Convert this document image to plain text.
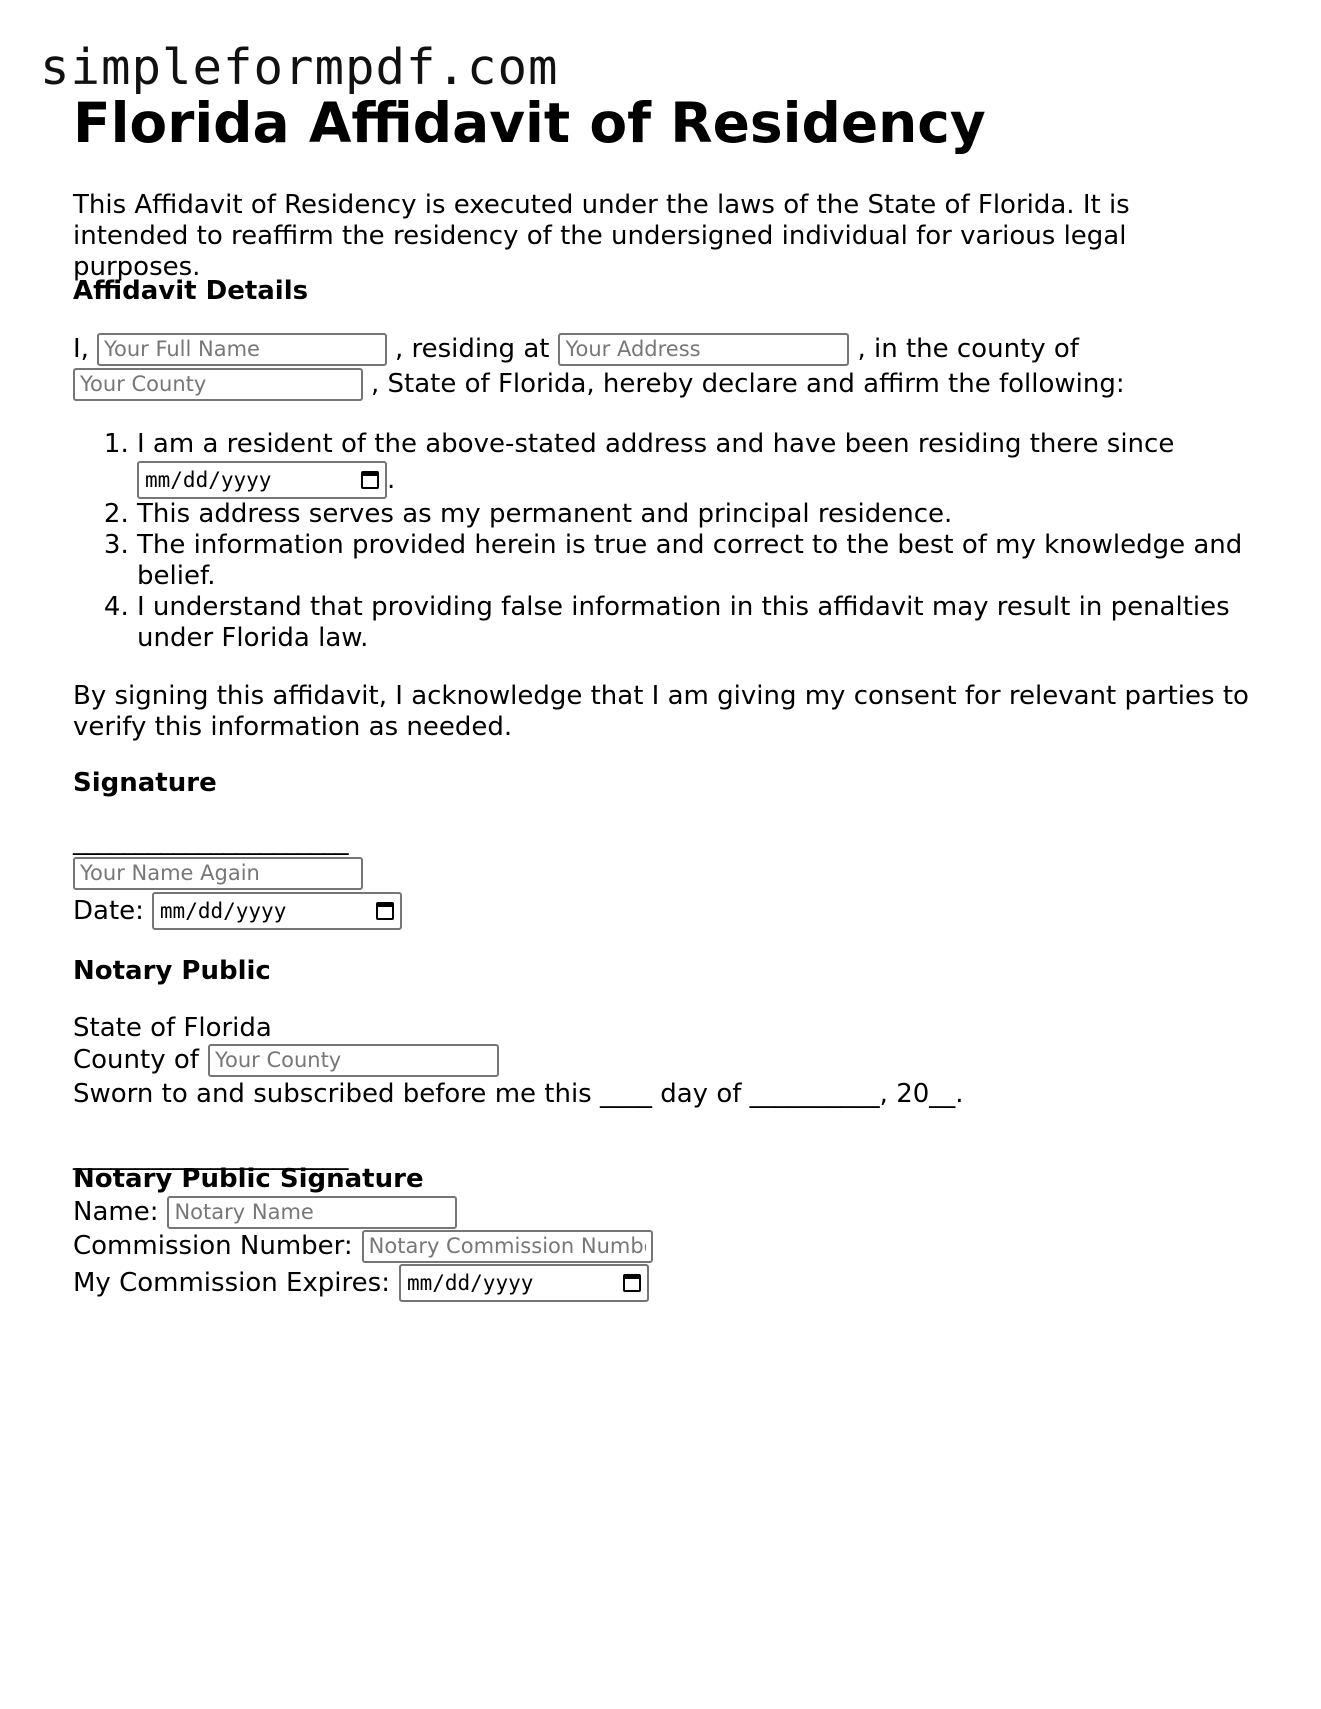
simpleformpdf.com
Florida Affidavit of Residency

This Affidavit of Residency is executed under the laws of the State of Florida. It is intended to reaffirm the residency of the undersigned individual for various legal purposes.

Affidavit Details
I,
Your Full Name	, residing at
Your Address	, in the county of
Your County
, State of Florida, hereby declare and affirm the following:
1. I am a resident of the above-stated address and have been residing there since

mm/dd/yyyy	.
2. This address serves as my permanent and principal residence.
3. The information provided herein is true and correct to the best of my knowledge and belief.
4. I understand that providing false information in this affidavit may result in penalties under Florida law.

By signing this affidavit, I acknowledge that I am giving my consent for relevant parties to verify this information as needed.

Signature
______________________
Your Name Again
Date: mm/dd/yyyy
Notary Public
State of Florida
County of
Your County
Sworn to and subscribed before me this ____ day of __________, 20__.
______________________
Notary Public Signature
Name:
Notary Name
Commission Number:
Notary Commission Number
My Commission Expires: mm/dd/yyyy
